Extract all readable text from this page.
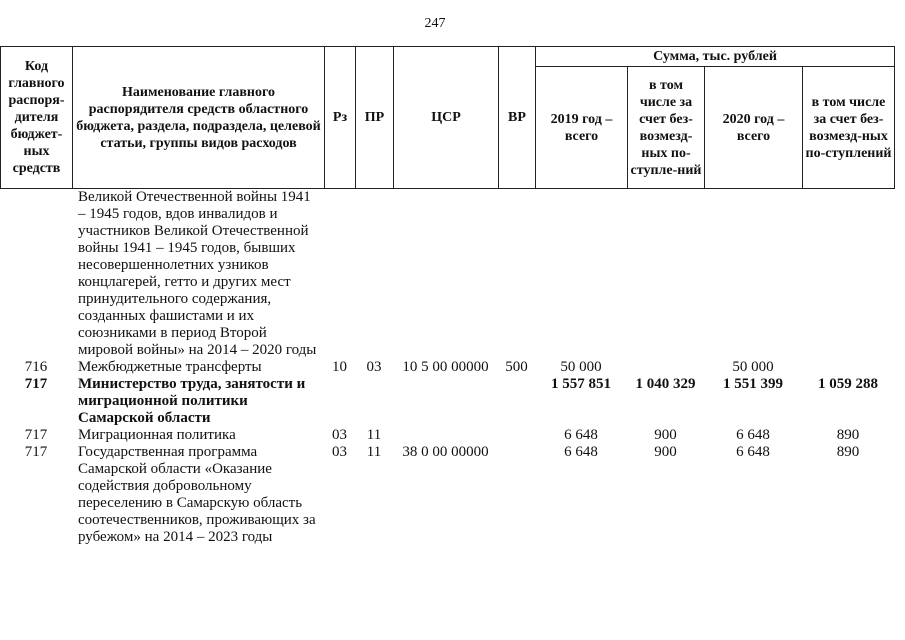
247
Код главного распоря-дителя бюджет-ных средств	Наименование главного распорядителя средств областного бюджета, раздела, подраздела, целевой статьи, группы видов расходов	Рз	ПР	ЦСР	ВР	Сумма, тыс. рублей			
						2019 год – всего	в том числе за счет без-возмезд-ных по-ступле-ний	2020 год – всего	в том числе за счет без-возмезд-ных по-ступлений
	Великой Отечественной войны 1941 – 1945 годов, вдов инвалидов и участников Великой Отечественной войны 1941 – 1945 годов, бывших несовершеннолетних узников концлагерей, гетто и других мест принудительного содержания, созданных фашистами и их союзниками в период Второй мировой войны» на 2014 – 2020 годы								
716	Межбюджетные трансферты	10	03	10 5 00 00000	500	50 000		50 000	
717	Министерство труда, занятости и миграционной политики Самарской области					1 557 851	1 040 329	1 551 399	1 059 288
717	Миграционная политика	03	11			6 648	900	6 648	890
717	Государственная программа Самарской области «Оказание содействия добровольному переселению в Самарскую область соотечественников, проживающих за рубежом» на 2014 – 2023 годы	03	11	38 0 00 00000		6 648	900	6 648	890
